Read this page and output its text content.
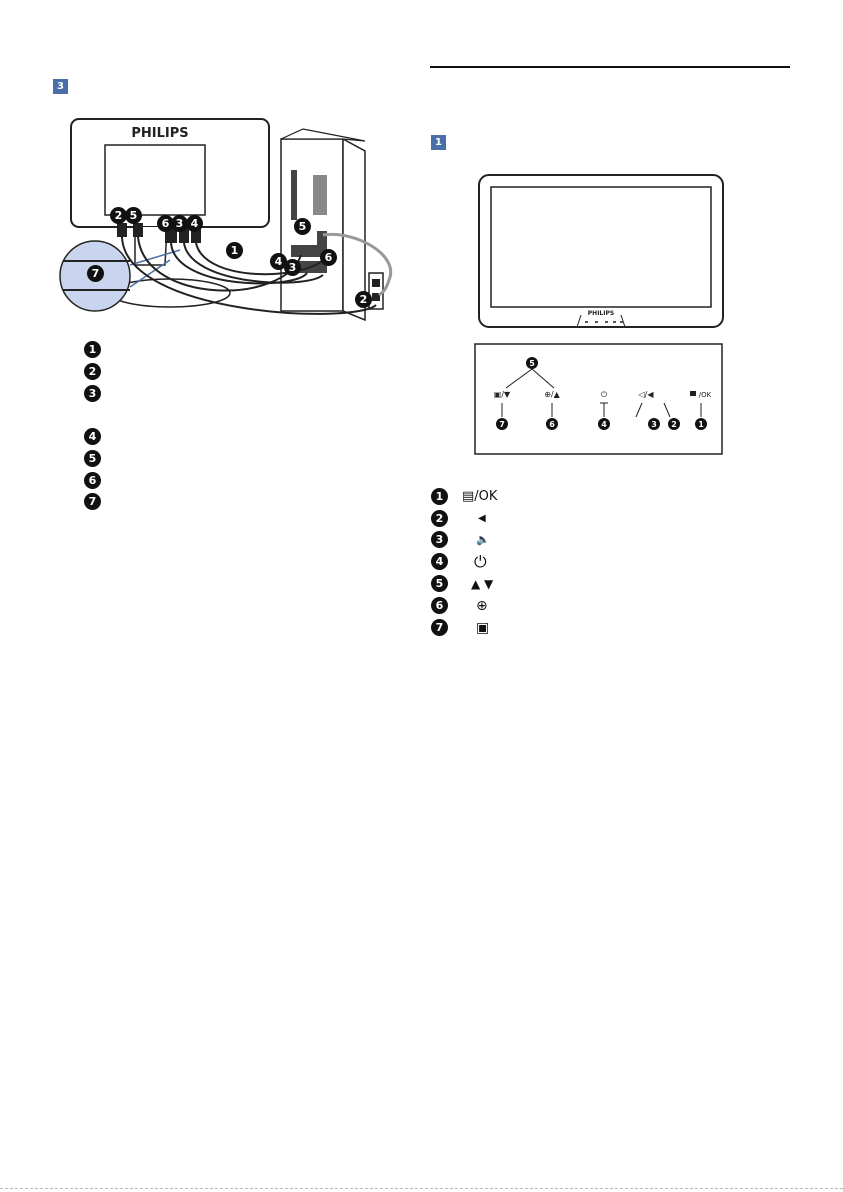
3
PHILIPS
2 5
6 3 4
1
7
5
4 3
6
2
1
2
3
4
5
6
7
1
PHILIPS
5
▣/▼	⊕/▲	⏻	◁/◀	/OK
7	6	4	3 2	1
1	▤/OK
2	◀
3	🔈
4 ⏻
5	▲ ▼
6	⊕
7	▣
